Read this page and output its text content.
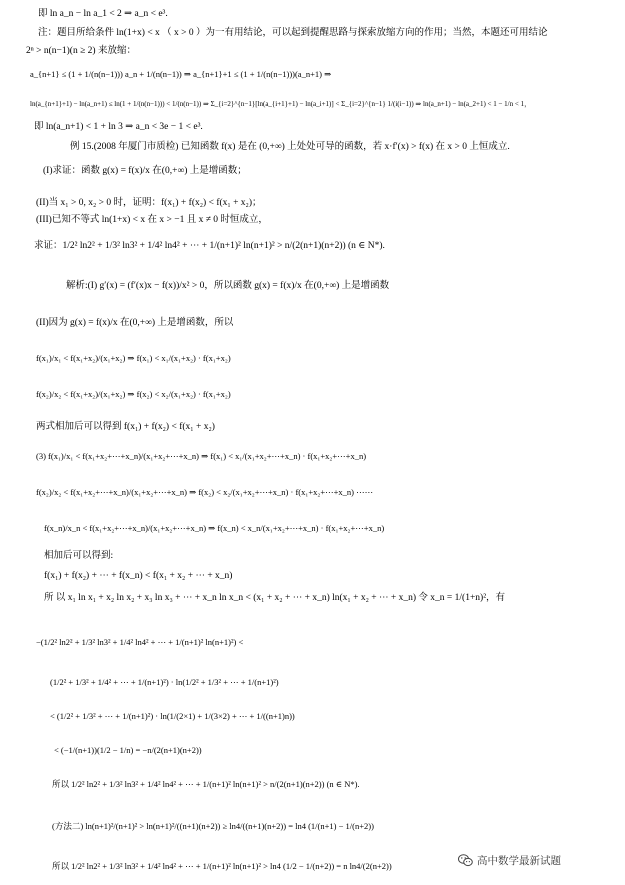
即 ln a_n − ln a_1 < 2 ⇒ a_n < e³.
注：题目所给条件 ln(1+x) < x （ x > 0 ）为一有用结论，可以起到提醒思路与探索放缩方向的作用；当然，本题还可用结论
2ⁿ > n(n−1)(n ≥ 2) 来放缩：
a_{n+1} ≤ (1 + 1/(n(n−1))) a_n + 1/(n(n−1)) ⇒ a_{n+1}+1 ≤ (1 + 1/(n(n−1)))(a_n+1) ⇒
ln(a_{n+1}+1) − ln(a_n+1) ≤ ln(1 + 1/(n(n−1))) < 1/(n(n−1)) ⇒ Σ_{i=2}^{n−1}[ln(a_{i+1}+1) − ln(a_i+1)] < Σ_{i=2}^{n−1} 1/(i(i−1)) ⇒ ln(a_n+1) − ln(a_2+1) < 1 − 1/n < 1，
即 ln(a_n+1) < 1 + ln 3 ⇒ a_n < 3e − 1 < e³.
例 15.(2008 年厦门市质检) 已知函数 f(x) 是在 (0,+∞) 上处处可导的函数，若 x·f′(x) > f(x) 在 x > 0 上恒成立.
(I)求证：函数 g(x) = f(x)/x 在(0,+∞) 上是增函数；
(II)当 x₁ > 0, x₂ > 0 时，证明：f(x₁) + f(x₂) < f(x₁ + x₂)；
(III)已知不等式 ln(1+x) < x 在 x > −1 且 x ≠ 0 时恒成立，
求证：1/2² ln2² + 1/3² ln3² + 1/4² ln4² + ⋯ + 1/(n+1)² ln(n+1)² > n/(2(n+1)(n+2)) (n ∈ N*).
解析:(I) g′(x) = (f′(x)x − f(x))/x² > 0，所以函数 g(x) = f(x)/x 在(0,+∞) 上是增函数
(II)因为 g(x) = f(x)/x 在(0,+∞) 上是增函数，所以
f(x₁)/x₁ < f(x₁+x₂)/(x₁+x₂) ⇒ f(x₁) < x₁/(x₁+x₂) · f(x₁+x₂)
f(x₂)/x₂ < f(x₁+x₂)/(x₁+x₂) ⇒ f(x₂) < x₂/(x₁+x₂) · f(x₁+x₂)
两式相加后可以得到 f(x₁) + f(x₂) < f(x₁ + x₂)
(3) f(x₁)/x₁ < f(x₁+x₂+⋯+x_n)/(x₁+x₂+⋯+x_n) ⇒ f(x₁) < x₁/(x₁+x₂+⋯+x_n) · f(x₁+x₂+⋯+x_n)
f(x₂)/x₂ < f(x₁+x₂+⋯+x_n)/(x₁+x₂+⋯+x_n) ⇒ f(x₂) < x₂/(x₁+x₂+⋯+x_n) · f(x₁+x₂+⋯+x_n) ⋯⋯
f(x_n)/x_n < f(x₁+x₂+⋯+x_n)/(x₁+x₂+⋯+x_n) ⇒ f(x_n) < x_n/(x₁+x₂+⋯+x_n) · f(x₁+x₂+⋯+x_n)
相加后可以得到:
f(x₁) + f(x₂) + ⋯ + f(x_n) < f(x₁ + x₂ + ⋯ + x_n)
所 以 x₁ ln x₁ + x₂ ln x₂ + x₃ ln x₃ + ⋯ + x_n ln x_n < (x₁ + x₂ + ⋯ + x_n) ln(x₁ + x₂ + ⋯ + x_n) 令 x_n = 1/(1+n)²，有
−(1/2² ln2² + 1/3² ln3² + 1/4² ln4² + ⋯ + 1/(n+1)² ln(n+1)²) <
(1/2² + 1/3² + 1/4² + ⋯ + 1/(n+1)²) · ln(1/2² + 1/3² + ⋯ + 1/(n+1)²)
< (1/2² + 1/3² + ⋯ + 1/(n+1)²) · ln(1/(2×1) + 1/(3×2) + ⋯ + 1/((n+1)n))
< (−1/(n+1))(1/2 − 1/n) = −n/(2(n+1)(n+2))
所以 1/2² ln2² + 1/3² ln3² + 1/4² ln4² + ⋯ + 1/(n+1)² ln(n+1)² > n/(2(n+1)(n+2)) (n ∈ N*).
(方法二) ln(n+1)²/(n+1)² > ln(n+1)²/((n+1)(n+2)) ≥ ln4/((n+1)(n+2)) = ln4 (1/(n+1) − 1/(n+2))
所以 1/2² ln2² + 1/3² ln3² + 1/4² ln4² + ⋯ + 1/(n+1)² ln(n+1)² > ln4 (1/2 − 1/(n+2)) = n ln4/(2(n+2))	高中数学最新试题
